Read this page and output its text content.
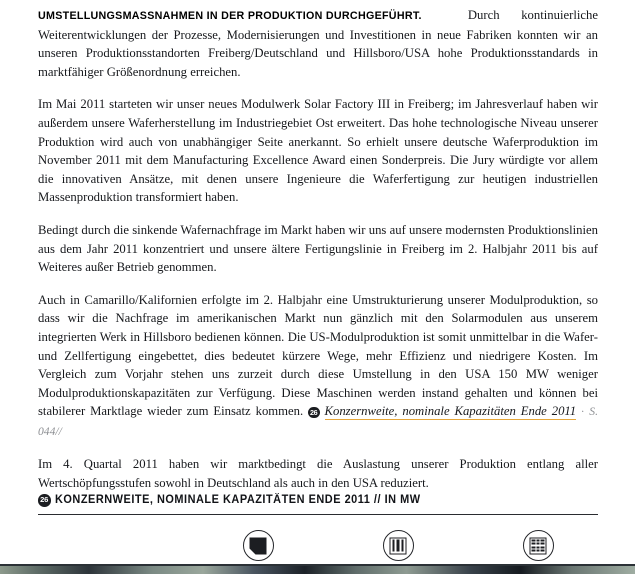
UMSTELLUNGSMASSNAHMEN IN DER PRODUKTION DURCHGEFÜHRT. Durch kontinuierliche Weiterentwicklungen der Prozesse, Modernisierungen und Investitionen in neue Fabriken konnten wir an unseren Produktionsstandorten Freiberg/Deutschland und Hillsboro/USA hohe Produktionsstandards in marktfähiger Größenordnung erreichen.

Im Mai 2011 starteten wir unser neues Modulwerk Solar Factory III in Freiberg; im Jahresverlauf haben wir außerdem unsere Waferherstellung im Industriegebiet Ost erweitert. Das hohe technologische Niveau unserer Produktion wird auch von unabhängiger Seite anerkannt. So erhielt unsere deutsche Waferproduktion im November 2011 mit dem Manufacturing Excellence Award einen Sonderpreis. Die Jury würdigte vor allem die innovativen Ansätze, mit denen unsere Ingenieure die Waferfertigung zur heutigen industriellen Massenproduktion transformiert haben.

Bedingt durch die sinkende Wafernachfrage im Markt haben wir uns auf unsere modernsten Produktionslinien aus dem Jahr 2011 konzentriert und unsere ältere Fertigungslinie in Freiberg im 2. Halbjahr 2011 bis auf Weiteres außer Betrieb genommen.

Auch in Camarillo/Kalifornien erfolgte im 2. Halbjahr eine Umstrukturierung unserer Modulproduktion, so dass wir die Nachfrage im amerikanischen Markt nun gänzlich mit den Solarmodulen aus unserem integrierten Werk in Hillsboro bedienen können. Die US-Modulproduktion ist somit unmittelbar in die Wafer- und Zellfertigung eingebettet, dies bedeutet kürzere Wege, mehr Effizienz und niedrigere Kosten. Im Vergleich zum Vorjahr stehen uns zurzeit durch diese Umstellung in den USA 150 MW weniger Modulproduktionskapazitäten zur Verfügung. Diese Maschinen werden instand gehalten und können bei stabilerer Marktlage wieder zum Einsatz kommen. 26 Konzernweite, nominale Kapazitäten Ende 2011 · S. 044//

Im 4. Quartal 2011 haben wir marktbedingt die Auslastung unserer Produktion entlang aller Wertschöpfungsstufen sowohl in Deutschland als auch in den USA reduziert.

26 KONZERNWEITE, NOMINALE KAPAZITÄTEN ENDE 2011 // IN MW
